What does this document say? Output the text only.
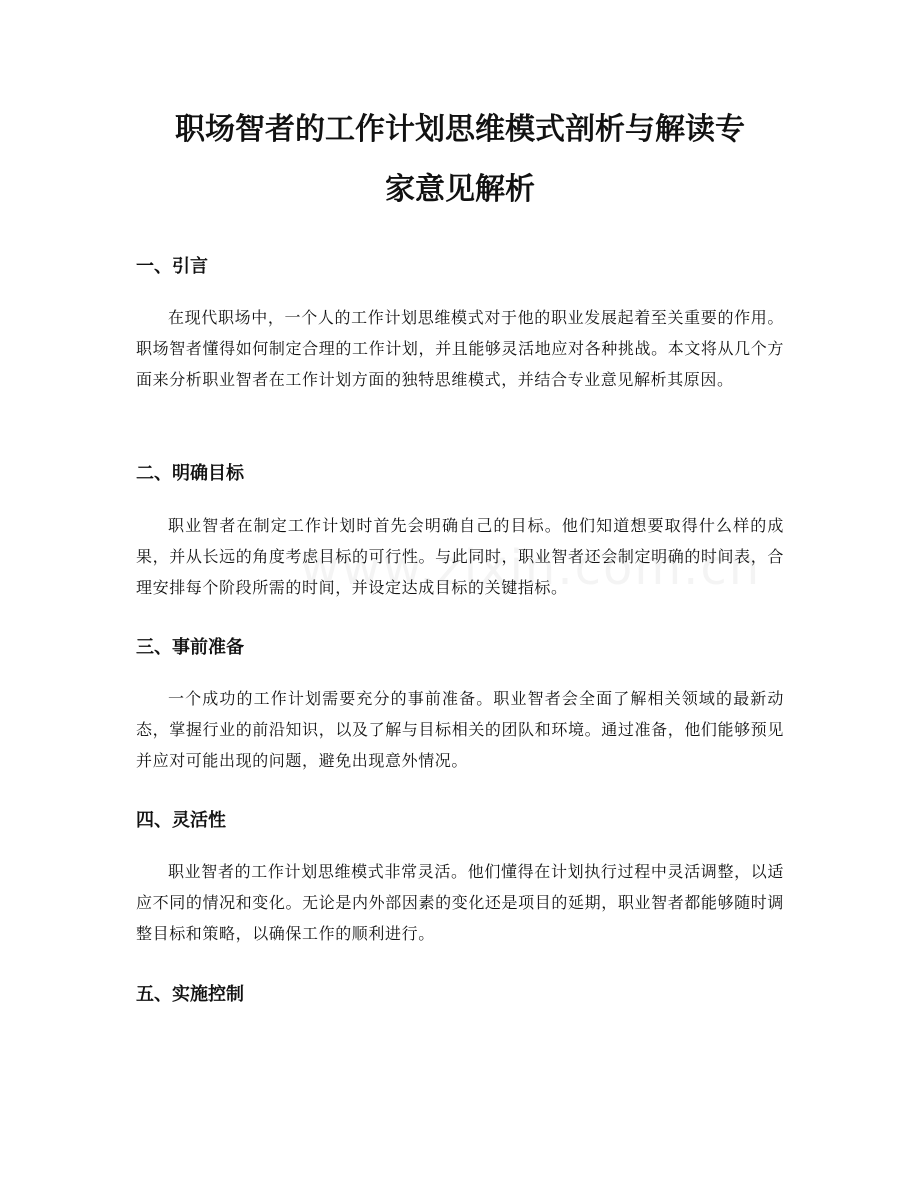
职场智者的工作计划思维模式剖析与解读专
家意见解析
一、引言

在现代职场中，一个人的工作计划思维模式对于他的职业发展起着至关重要的作用。职场智者懂得如何制定合理的工作计划，并且能够灵活地应对各种挑战。本文将从几个方面来分析职业智者在工作计划方面的独特思维模式，并结合专业意见解析其原因。

二、明确目标

职业智者在制定工作计划时首先会明确自己的目标。他们知道想要取得什么样的成果，并从长远的角度考虑目标的可行性。与此同时，职业智者还会制定明确的时间表，合理安排每个阶段所需的时间，并设定达成目标的关键指标。

三、事前准备

一个成功的工作计划需要充分的事前准备。职业智者会全面了解相关领域的最新动态，掌握行业的前沿知识，以及了解与目标相关的团队和环境。通过准备，他们能够预见并应对可能出现的问题，避免出现意外情况。

四、灵活性

职业智者的工作计划思维模式非常灵活。他们懂得在计划执行过程中灵活调整，以适应不同的情况和变化。无论是内外部因素的变化还是项目的延期，职业智者都能够随时调整目标和策略，以确保工作的顺利进行。

五、实施控制
